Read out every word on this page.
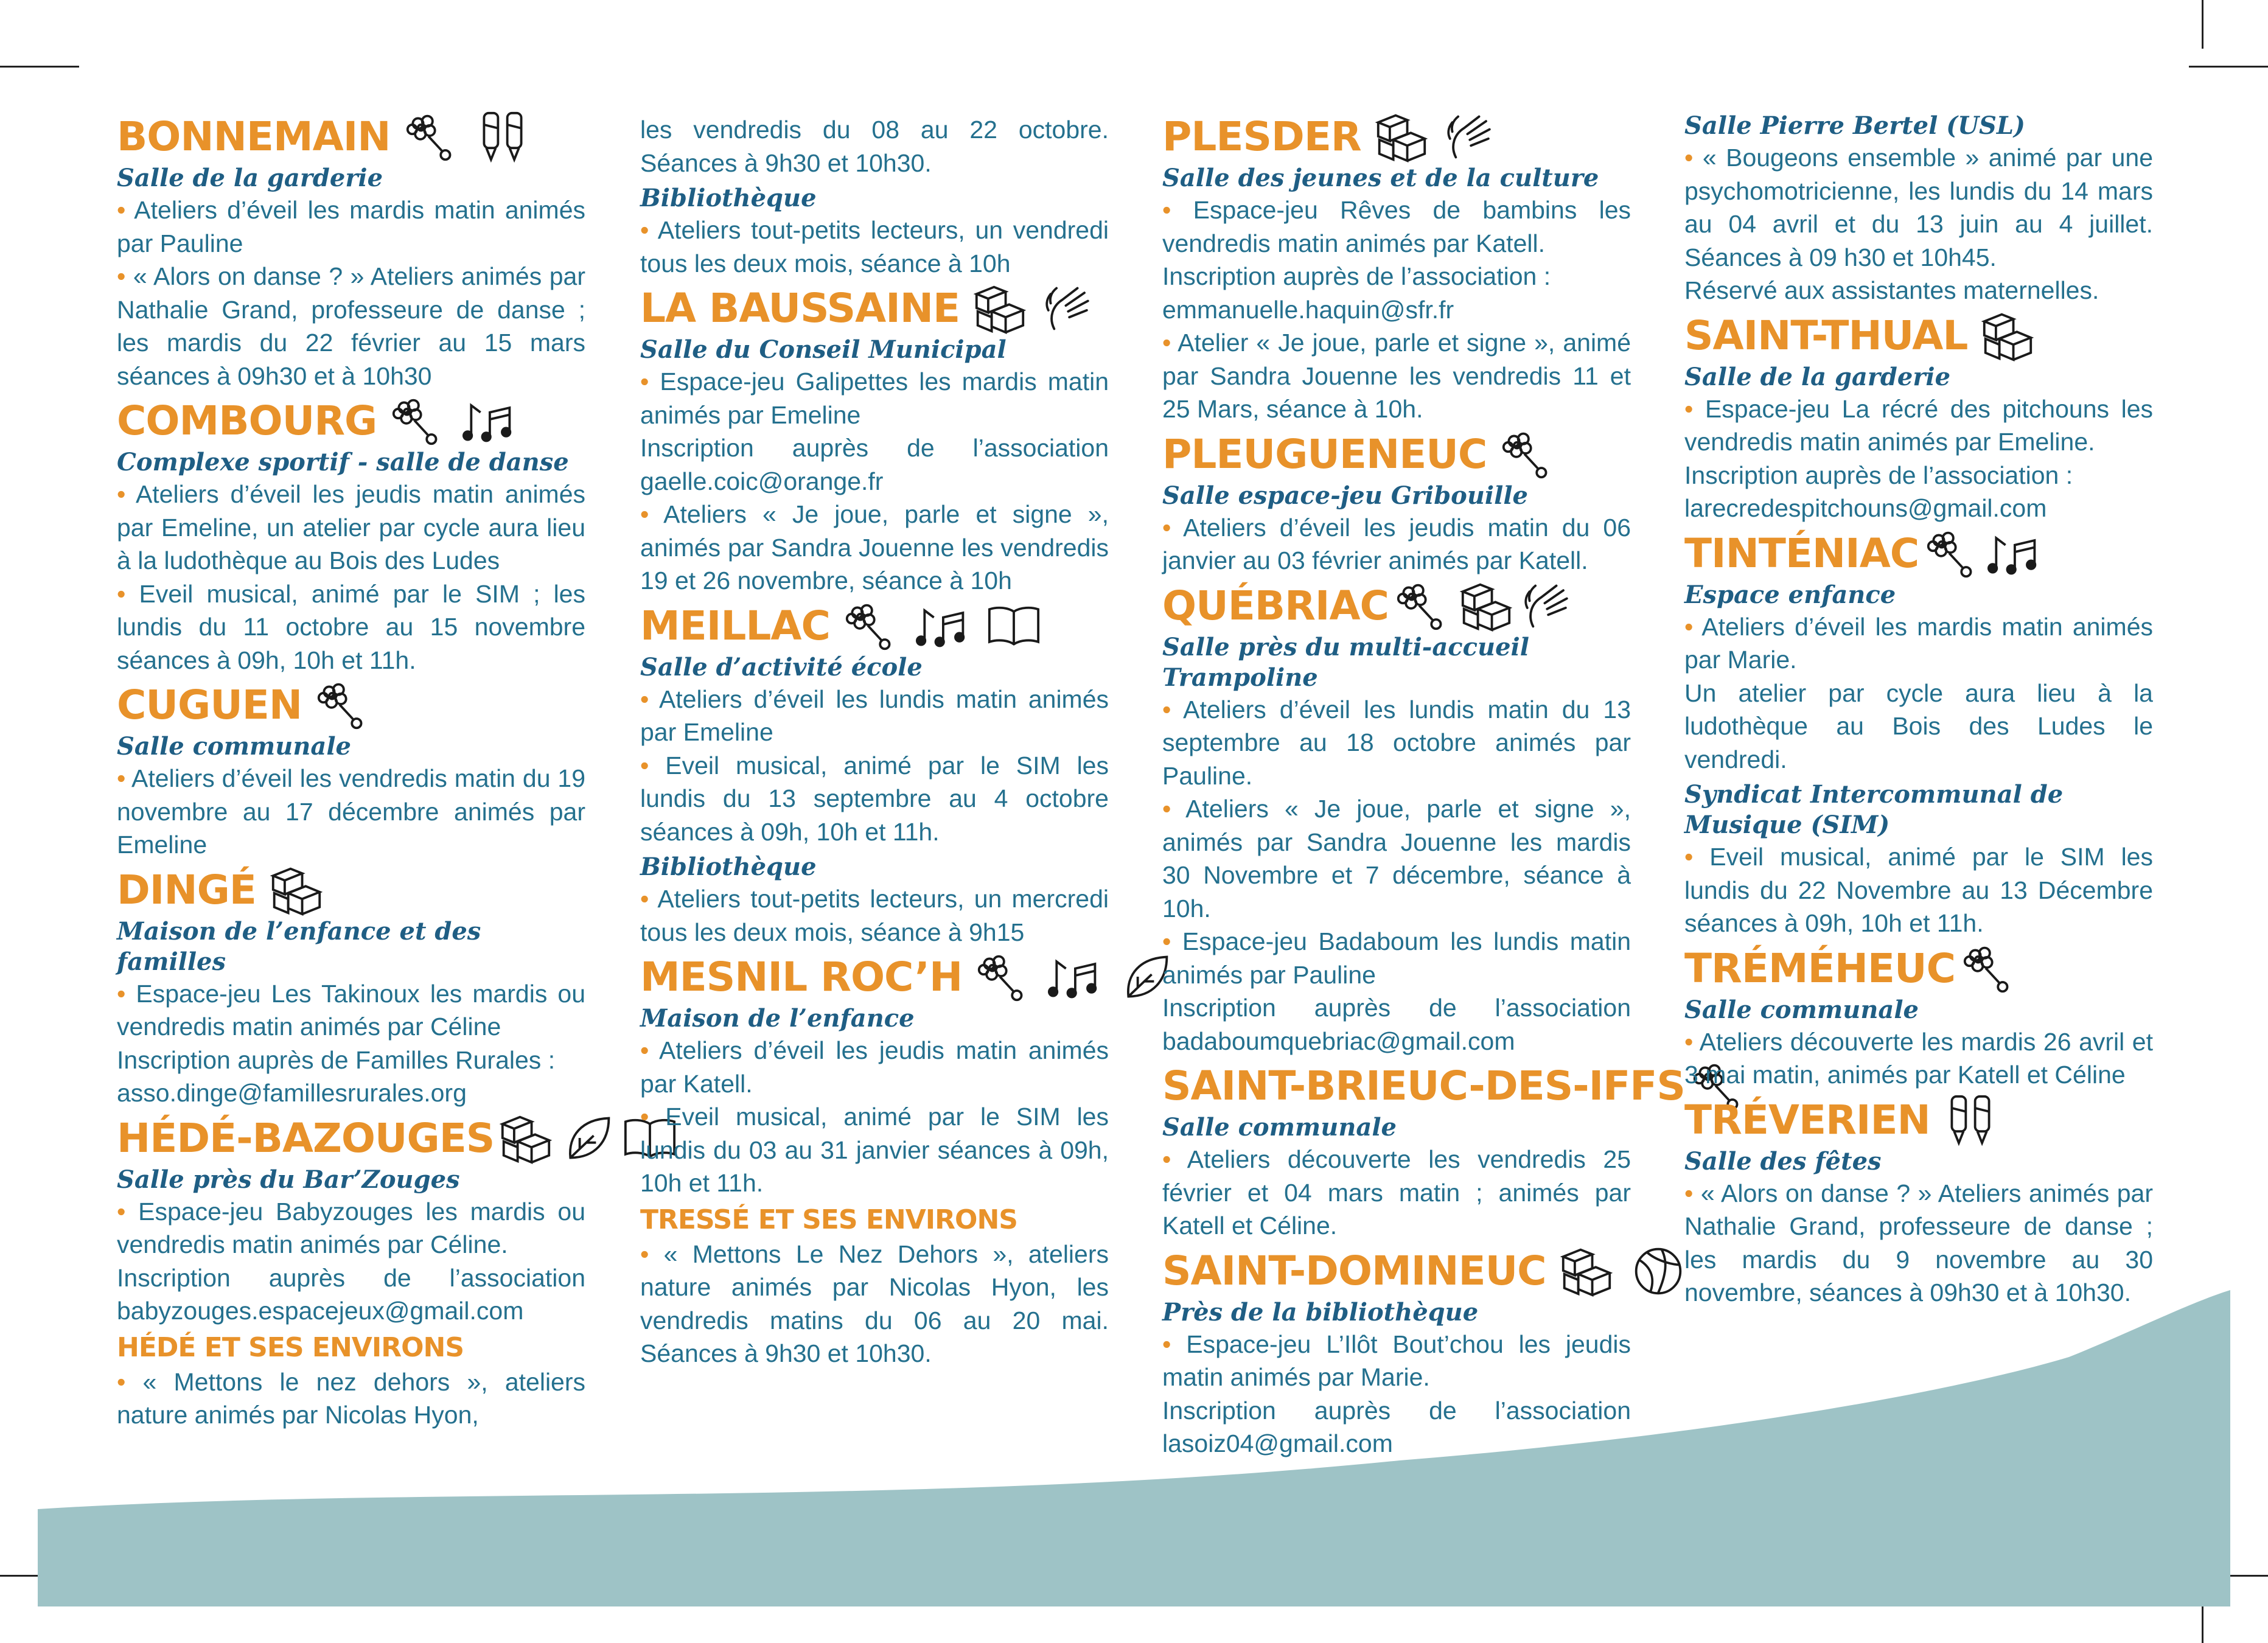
BONNEMAIN
Salle de la garderie

• Ateliers d’éveil les mardis matin animés par Pauline

• « Alors on danse ? » Ateliers animés par Nathalie Grand, professeure de danse ; les mardis du 22 février au 15 mars séances à 09h30 et à 10h30

COMBOURG
Complexe sportif - salle de danse

• Ateliers d’éveil les jeudis matin animés par Emeline, un atelier par cycle aura lieu à la ludothèque au Bois des Ludes

• Eveil musical, animé par le SIM ; les lundis du 11 octobre au 15 novembre séances à 09h, 10h et 11h.

CUGUEN
Salle communale

• Ateliers d’éveil les vendredis matin du 19 novembre au 17 décembre animés par Emeline

DINGÉ
Maison de l’enfance et des familles

• Espace-jeu Les Takinoux les mardis ou vendredis matin animés par Céline

Inscription auprès de Familles Rurales : asso.dinge@famillesrurales.org

HÉDÉ-BAZOUGES
Salle près du Bar’Zouges

• Espace-jeu Babyzouges les mardis ou vendredis matin animés par Céline.

Inscription auprès de l’association babyzouges.espacejeux@gmail.com

HÉDÉ ET SES ENVIRONS

• « Mettons le nez dehors », ateliers nature animés par Nicolas Hyon,

les vendredis du 08 au 22 octobre. Séances à 9h30 et 10h30.

Bibliothèque

• Ateliers tout-petits lecteurs, un vendredi tous les deux mois, séance à 10h

LA BAUSSAINE
Salle du Conseil Municipal

• Espace-jeu Galipettes les mardis matin animés par Emeline

Inscription auprès de l’association gaelle.coic@orange.fr

• Ateliers « Je joue, parle et signe », animés par Sandra Jouenne les vendredis 19 et 26 novembre, séance à 10h

MEILLAC
Salle d’activité école

• Ateliers d’éveil les lundis matin animés par Emeline

• Eveil musical, animé par le SIM les lundis du 13 septembre au 4 octobre séances à 09h, 10h et 11h.

Bibliothèque

• Ateliers tout-petits lecteurs, un mercredi tous les deux mois, séance à 9h15

MESNIL ROC’H
Maison de l’enfance

• Ateliers d’éveil les jeudis matin animés par Katell.

• Eveil musical, animé par le SIM les lundis du 03 au 31 janvier séances à 09h, 10h et 11h.

TRESSÉ ET SES ENVIRONS

• « Mettons Le Nez Dehors », ateliers nature animés par Nicolas Hyon, les vendredis matins du 06 au 20 mai. Séances à 9h30 et 10h30.

PLESDER
Salle des jeunes et de la culture

• Espace-jeu Rêves de bambins les vendredis matin animés par Katell.

Inscription auprès de l’association : emmanuelle.haquin@sfr.fr

• Atelier « Je joue, parle et signe », animé par Sandra Jouenne les vendredis 11 et 25 Mars, séance à 10h.

PLEUGUENEUC
Salle espace-jeu Gribouille

• Ateliers d’éveil les jeudis matin du 06 janvier au 03 février animés par Katell.

QUÉBRIAC
Salle près du multi-accueil Trampoline

• Ateliers d’éveil les lundis matin du 13 septembre au 18 octobre animés par Pauline.

• Ateliers « Je joue, parle et signe », animés par Sandra Jouenne les mardis 30 Novembre et 7 décembre, séance à 10h.

• Espace-jeu Badaboum les lundis matin animés par Pauline

Inscription auprès de l’association badaboumquebriac@gmail.com

SAINT-BRIEUC-DES-IFFS
Salle communale

• Ateliers découverte les vendredis 25 février et 04 mars matin ; animés par Katell et Céline.

SAINT-DOMINEUC
Près de la bibliothèque

• Espace-jeu L’Ilôt Bout’chou les jeudis matin animés par Marie.

Inscription auprès de l’association lasoiz04@gmail.com

Salle Pierre Bertel (USL)

• « Bougeons ensemble » animé par une psychomotricienne, les lundis du 14 mars au 04 avril et du 13 juin au 4 juillet. Séances à 09 h30 et 10h45.

Réservé aux assistantes maternelles.

SAINT-THUAL
Salle de la garderie

• Espace-jeu La récré des pitchouns les vendredis matin animés par Emeline.

Inscription auprès de l’association : larecredespitchouns@gmail.com

TINTÉNIAC
Espace enfance

• Ateliers d’éveil les mardis matin animés par Marie.

Un atelier par cycle aura lieu à la ludothèque au Bois des Ludes le vendredi.

Syndicat Intercommunal de Musique (SIM)

• Eveil musical, animé par le SIM les lundis du 22 Novembre au 13 Décembre séances à 09h, 10h et 11h.

TRÉMÉHEUC
Salle communale

• Ateliers découverte les mardis 26 avril et 3 mai matin, animés par Katell et Céline

TRÉVERIEN
Salle des fêtes

• « Alors on danse ? » Ateliers animés par Nathalie Grand, professeure de danse ; les mardis du 9 novembre au 30 novembre, séances à 09h30 et à 10h30.
